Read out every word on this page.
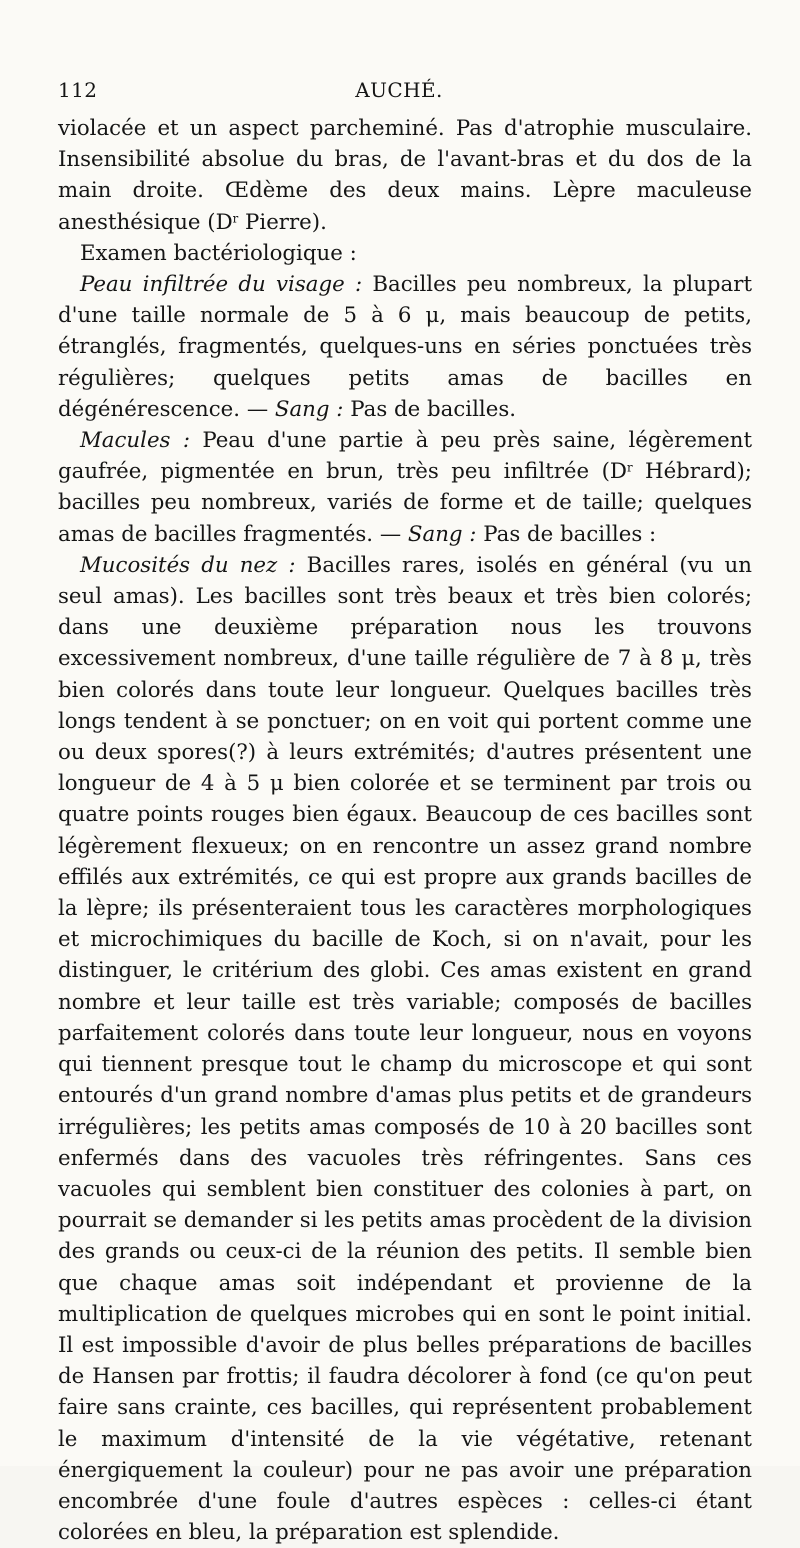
112	AUCHÉ.

violacée et un aspect parcheminé. Pas d'atrophie musculaire. Insensibilité absolue du bras, de l'avant-bras et du dos de la main droite. Œdème des deux mains. Lèpre maculeuse anesthésique ($D^r$ Pierre).

Examen bactériologique :

Peau infiltrée du visage : Bacilles peu nombreux, la plupart d'une taille normale de 5 à 6 μ, mais beaucoup de petits, étranglés, fragmentés, quelques-uns en séries ponctuées très régulières; quelques petits amas de bacilles en dégénérescence. — Sang : Pas de bacilles.

Macules : Peau d'une partie à peu près saine, légèrement gaufrée, pigmentée en brun, très peu infiltrée ($D^r$ Hébrard); bacilles peu nombreux, variés de forme et de taille; quelques amas de bacilles fragmentés. — Sang : Pas de bacilles :

Mucosités du nez : Bacilles rares, isolés en général (vu un seul amas). Les bacilles sont très beaux et très bien colorés; dans une deuxième préparation nous les trouvons excessivement nombreux, d'une taille régulière de 7 à 8 μ, très bien colorés dans toute leur longueur. Quelques bacilles très longs tendent à se ponctuer; on en voit qui portent comme une ou deux spores(?) à leurs extrémités; d'autres présentent une longueur de 4 à 5 μ bien colorée et se terminent par trois ou quatre points rouges bien égaux. Beaucoup de ces bacilles sont légèrement flexueux; on en rencontre un assez grand nombre effilés aux extrémités, ce qui est propre aux grands bacilles de la lèpre; ils présenteraient tous les caractères morphologiques et microchimiques du bacille de Koch, si on n'avait, pour les distinguer, le critérium des globi. Ces amas existent en grand nombre et leur taille est très variable; composés de bacilles parfaitement colorés dans toute leur longueur, nous en voyons qui tiennent presque tout le champ du microscope et qui sont entourés d'un grand nombre d'amas plus petits et de grandeurs irrégulières; les petits amas composés de 10 à 20 bacilles sont enfermés dans des vacuoles très réfringentes. Sans ces vacuoles qui semblent bien constituer des colonies à part, on pourrait se demander si les petits amas procèdent de la division des grands ou ceux-ci de la réunion des petits. Il semble bien que chaque amas soit indépendant et provienne de la multiplication de quelques microbes qui en sont le point initial. Il est impossible d'avoir de plus belles préparations de bacilles de Hansen par frottis; il faudra décolorer à fond (ce qu'on peut faire sans crainte, ces bacilles, qui représentent probablement le maximum d'intensité de la vie végétative, retenant énergiquement la couleur) pour ne pas avoir une préparation encombrée d'une foule d'autres espèces : celles-ci étant colorées en bleu, la préparation est splendide.
